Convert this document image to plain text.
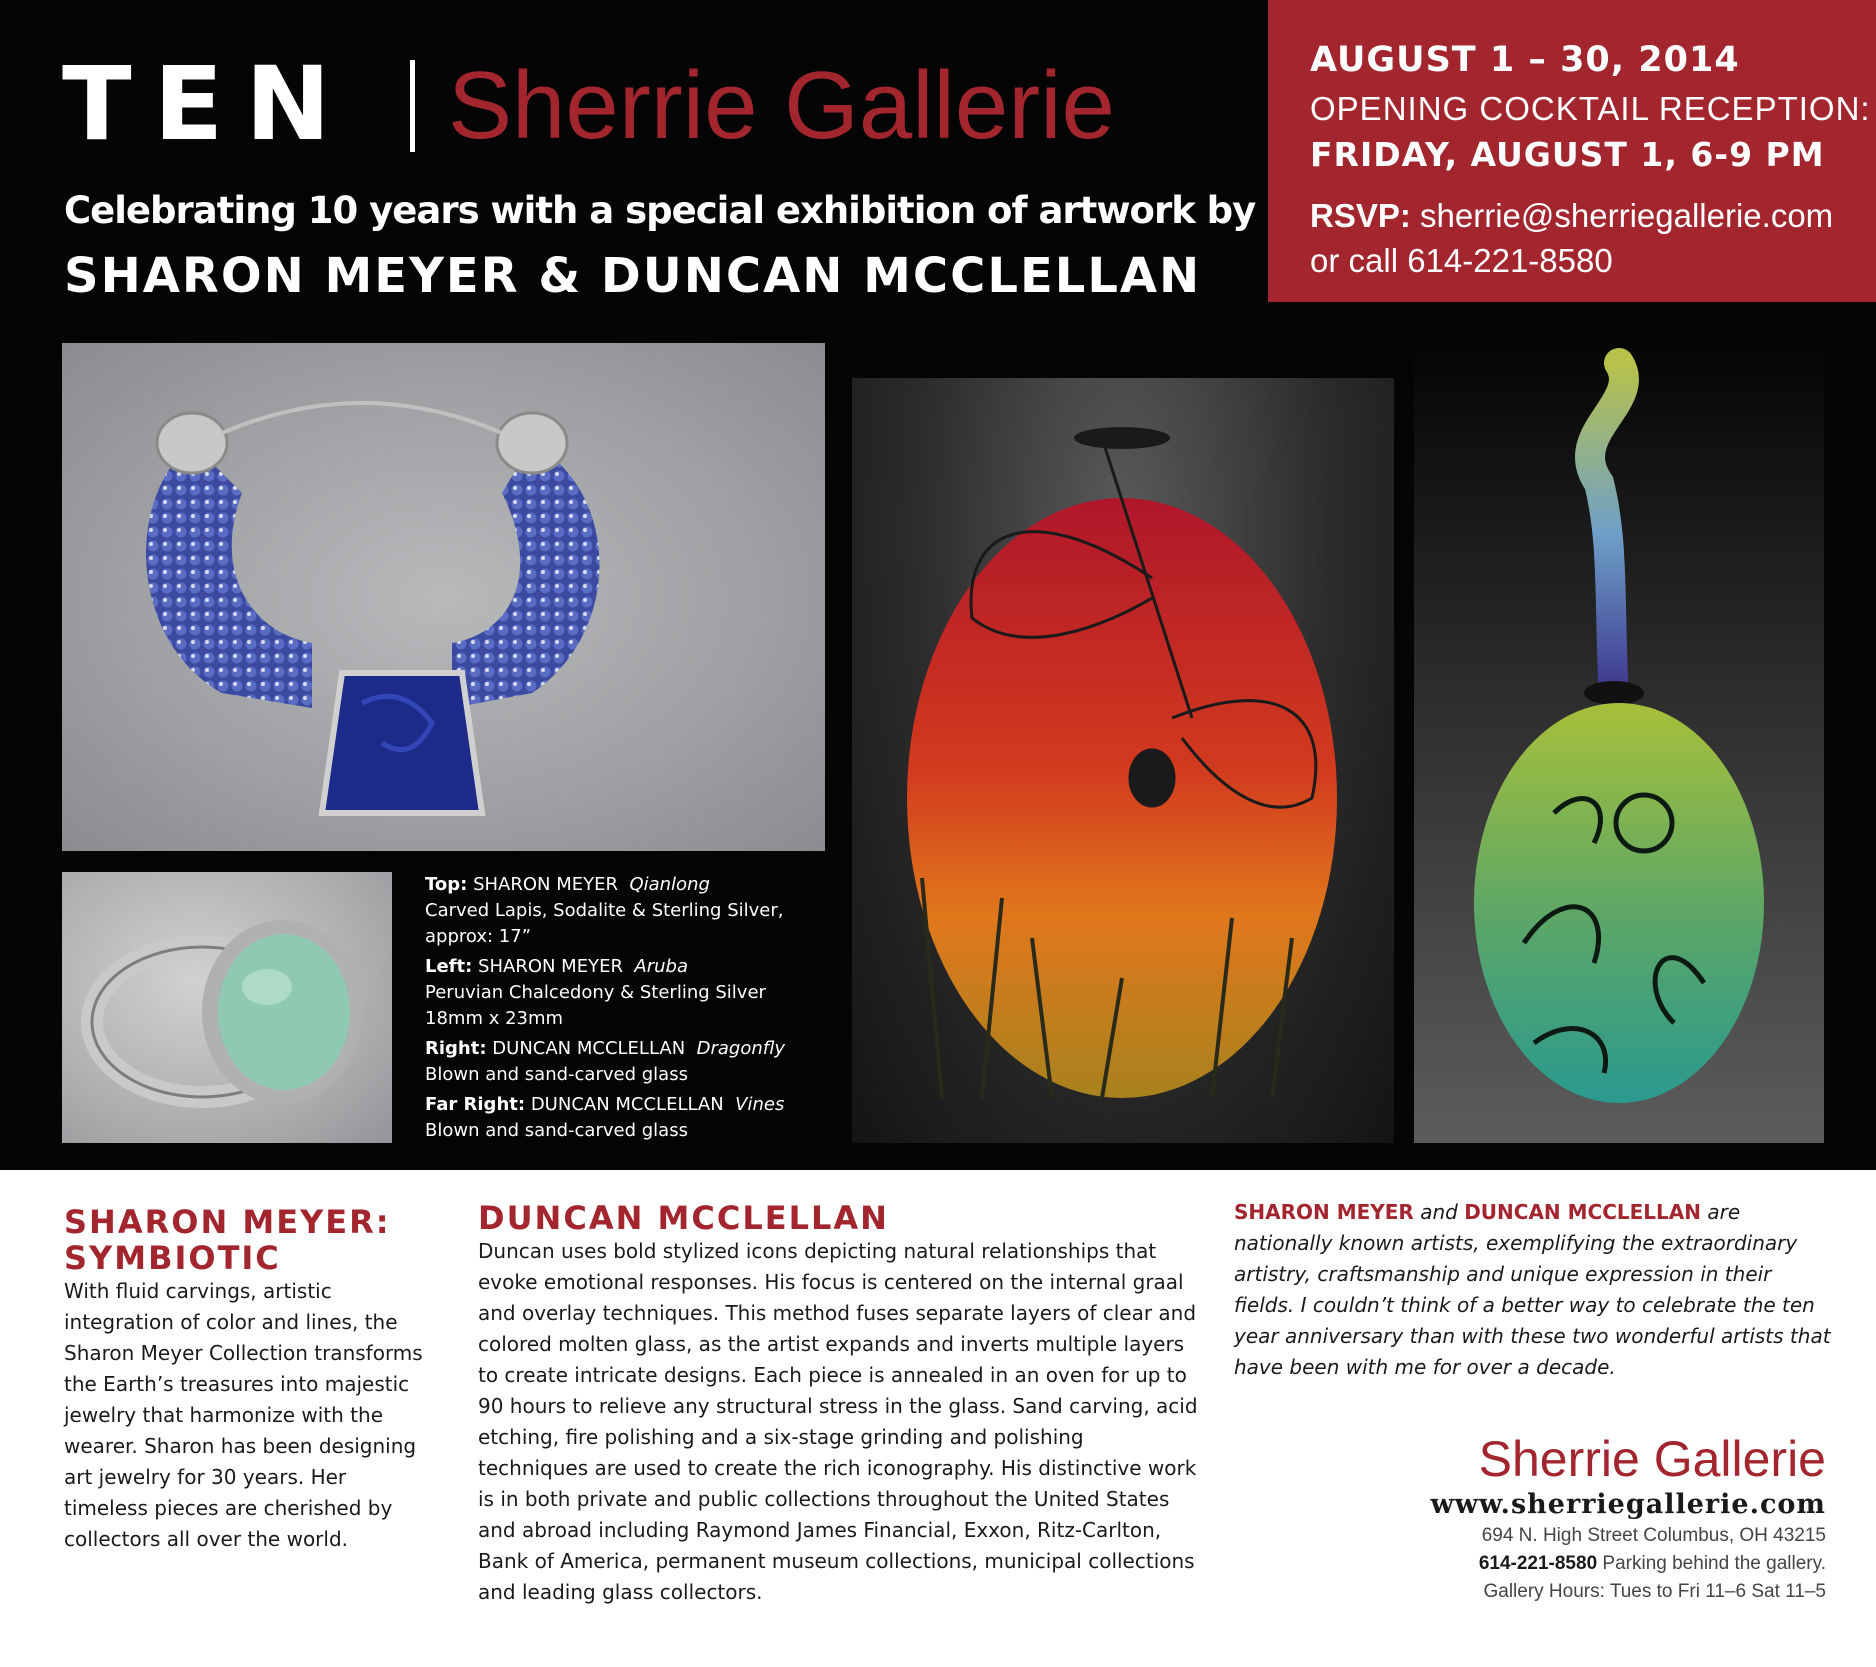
TEN Sherrie Gallerie
Celebrating 10 years with a special exhibition of artwork by
SHARON MEYER & DUNCAN MCCLELLAN
AUGUST 1 – 30, 2014
OPENING COCKTAIL RECEPTION:
FRIDAY, AUGUST 1, 6-9 PM
RSVP: sherrie@sherriegallerie.com
or call 614-221-8580
Top: SHARON MEYER Qianlong
Carved Lapis, Sodalite & Sterling Silver,
approx: 17”
Left: SHARON MEYER Aruba
Peruvian Chalcedony & Sterling Silver
18mm x 23mm
Right: DUNCAN MCCLELLAN Dragonfly
Blown and sand-carved glass
Far Right: DUNCAN MCCLELLAN Vines
Blown and sand-carved glass
SHARON MEYER:
SYMBIOTIC
With fluid carvings, artistic integration of color and lines, the Sharon Meyer Collection transforms the Earth’s treasures into majestic jewelry that harmonize with the wearer. Sharon has been designing art jewelry for 30 years. Her timeless pieces are cherished by collectors all over the world.
DUNCAN MCCLELLAN
Duncan uses bold stylized icons depicting natural relationships that evoke emotional responses. His focus is centered on the internal graal and overlay techniques. This method fuses separate layers of clear and colored molten glass, as the artist expands and inverts multiple layers to create intricate designs. Each piece is annealed in an oven for up to 90 hours to relieve any structural stress in the glass. Sand carving, acid etching, fire polishing and a six-stage grinding and polishing techniques are used to create the rich iconography. His distinctive work is in both private and public collections throughout the United States and abroad including Raymond James Financial, Exxon, Ritz-Carlton, Bank of America, permanent museum collections, municipal collections and leading glass collectors.
SHARON MEYER and DUNCAN MCCLELLAN are nationally known artists, exemplifying the extraordinary artistry, craftsmanship and unique expression in their fields. I couldn’t think of a better way to celebrate the ten year anniversary than with these two wonderful artists that have been with me for over a decade.
Sherrie Gallerie
www.sherriegallerie.com
694 N. High Street Columbus, OH 43215
614-221-8580 Parking behind the gallery.
Gallery Hours: Tues to Fri 11–6 Sat 11–5
